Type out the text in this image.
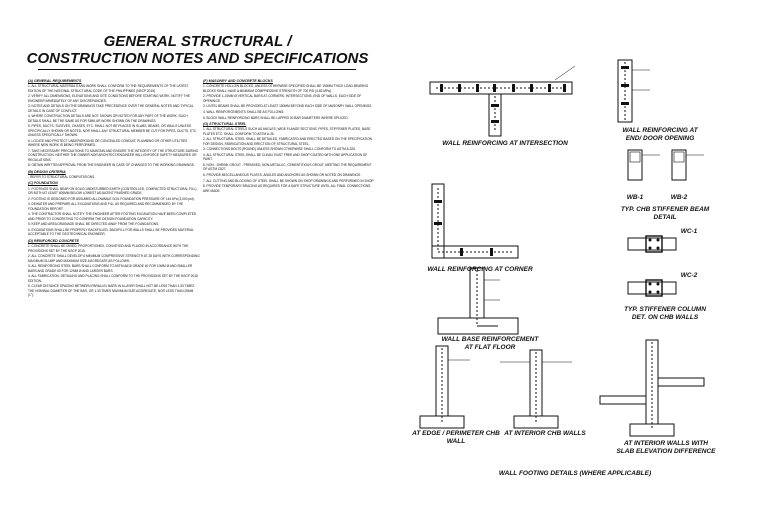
GENERAL STRUCTURAL /
CONSTRUCTION NOTES AND SPECIFICATIONS
(A) GENERAL REQUIREMENTS
1. ALL STRUCTURAL MATERIALS AND WORK SHALL CONFORM TO THE REQUIREMENTS OF THE LATEST EDITION OF THE NATIONAL STRUCTURAL CODE OF THE PHILIPPINES (NSCP 2015).
2. VERIFY ALL DIMENSIONS, ELEVATIONS AND SITE CONDITIONS BEFORE STARTING WORK. NOTIFY THE ENGINEER IMMEDIATELY OF ANY DISCREPANCIES.
3. NOTES AND DETAILS ON THE DRAWINGS TAKE PRECEDENCE OVER THE GENERAL NOTES AND TYPICAL DETAILS IN CASE OF CONFLICT.
4. WHERE CONSTRUCTION DETAILS ARE NOT SHOWN OR NOTED FOR ANY PART OF THE WORK, SUCH DETAILS SHALL BE THE SAME AS FOR SIMILAR WORK SHOWN ON THE DRAWINGS.
5. PIPES, DUCTS, SLEEVES, CHASES, ETC. SHALL NOT BE PLACED IN SLABS, BEAMS, OR WALLS UNLESS SPECIFICALLY SHOWN OR NOTED. NOR SHALL ANY STRUCTURAL MEMBER BE CUT FOR PIPES, DUCTS, ETC. UNLESS SPECIFICALLY SHOWN.
6. LOCATE AND PROTECT UNDERGROUND OR CONCEALED CONDUIT, PLUMBING OR OTHER UTILITIES WHERE NEW WORK IS BEING PERFORMED.
7. TAKE NECESSARY PRECAUTIONS TO MAINTAIN AND ENSURE THE INTEGRITY OF THE STRUCTURE DURING CONSTRUCTION. NEITHER THE OWNER NOR ARCHITECT/ENGINEER WILL ENFORCE SAFETY MEASURES OR REGULATIONS.
8. OBTAIN WRITTEN APPROVAL FROM THE ENGINEER IN CASE OF CHANGES TO THE WORKING DRAWINGS.
(B) DESIGN CRITERIA
- REFER TO STRUCTURAL COMPUTATIONS.
(C) FOUNDATION
1. FOOTINGS SHALL BEAR ON SOLID UNDISTURBED EARTH (CONTROLLED, COMPACTED STRUCTURAL FILL) OR BOTH AT LEAST 600MM BELOW LOWEST ADJACENT FINISHED GRADE.
2. FOOTING IS DESIGNED FOR ASSUMED ALLOWABLE SOIL FOUNDATION PRESSURE OF 144 kPa (3,000 psf).
3. DEWATER AND PREPARE ALL EXCAVATIONS AND FILL AS REQUIRED AND RECOMMENDED BY THE FOUNDATION REPORT.
4. THE CONTRACTOR SHALL NOTIFY THE ENGINEER AFTER FOOTING EXCAVATION HAVE BEEN COMPLETED AND PRIOR TO CONCRETING TO CONFIRM THE DESIGN FOUNDATION CAPACITY.
5. KEEP AND AREA DRAINAGE SHALL BE DIRECTED AWAY FROM THE FOUNDATIONS.
6. EXCAVATIONS SHALL BE PROPERLY BACKFILLED. BACKFILL FOR WALLS SHALL BE PROVIDED MATERIAL ACCEPTABLE TO THE GEOTECHNICAL ENGINEER.
(D) REINFORCED CONCRETE
1. CONCRETE SHALL BE MIXED, PROPORTIONED, CONVEYED AND PLACED IN ACCORDANCE WITH THE PROVISIONS SET BY THE NSCP 2015.
2. ALL CONCRETE SHALL DEVELOP A MINIMUM COMPRESSIVE STRENGTH AT 28 DAYS WITH CORRESPONDING MAXIMUM SLUMP AND MAXIMUM SIZE AGGREGATE AS FOLLOWS:
3. ALL REINFORCING STEEL BARS SHALL CONFORM TO ASTM A615 GRADE 40 FOR 10MM Ø AND SMALLER BARS AND GRADE 60 FOR 12MM Ø AND LARGER BARS.
4. ALL FABRICATION, DETAILING AND PLACING SHALL CONFORM TO THE PROVISIONS SET BY THE NSCP 2015 EDITION.
5. CLEAR DISTANCE SPACING BETWEEN PARALLEL BARS IN A LAYER SHALL NOT BE LESS THAN 1.33 TIMES THE NOMINAL DIAMETER OF THE BAR, OR 1.33 TIMES MAXIMUM SIZE AGGREGATE, NOR LESS THAN 25MM (1").
(F) MASONRY AND CONCRETE BLOCKS
1. CONCRETE HOLLOW BLOCKS, UNLESS OTHERWISE SPECIFIED SHALL BE 150MM THICK LOAD-BEARING BLOCKS SHALL HAVE A MINIMUM COMPRESSIVE STRENGTH OF 700 PSI (4.83 MPa).
2. PROVIDE 1-10MM Ø VERTICAL BARS AT CORNERS, INTERSECTIONS, END OF WALLS, EACH SIDE OF OPENINGS.
3. LINTEL BEAMS SHALL BE PROVIDED AT LEAST 150MM BEYOND EACH SIDE OF MASONRY WALL OPENINGS.
4. WALL REINFORCEMENTS SHALL BE AS FOLLOWS:
5. BLOCK WALL REINFORCING BARS SHALL BE LAPPED 30 BAR DIAMETERS WHERE SPLICED.
(G) STRUCTURAL STEEL
1. ALL STRUCTURAL STEELS SUCH AS ANGLES, WIDE FLANGE SECTIONS, PIPES, STIFFENER PLATES, BASE PLATES ETC. SHALL CONFORM TO ASTM A-36.
2. ALL STRUCTURAL STEEL SHALL BE DETAILED, FABRICATED AND ERECTED BASED ON THE SPECIFICATION FOR DESIGN, FABRICATION AND ERECTION OF STRUCTURAL STEEL.
3. CONNECTIONS BOLTS (ROUND) UNLESS SHOWN OTHERWISE SHALL CONFORM TO ASTM A-325.
4. ALL STRUCTURAL STEEL SHALL BE CLEAN, RUST FREE AND SHOP COATED WITH ONE APPLICATION OF PAINT.
5. NON - SHRINK GROUT - PREMIXED, NON-METALLIC, CEMENTITIOUS GROUT, MEETING THE REQUIREMENT OF ASTM C827.
6. PROVIDE MISCELLANEOUS PLATES, ANGLES AND ANCHORS AS SHOWN OR NOTED ON DRAWINGS.
7. ALL CUTTING AND BLOCKING OF STEEL SHALL BE SHOWN ON SHOP DRAWINGS AND PERFORMED IN SHOP.
8. PROVIDE TEMPORARY BRACING AS REQUIRED FOR A SAFE STRUCTURE UNTIL ALL FINAL CONNECTIONS ARE MADE.
WALL REINFORCING AT INTERSECTION
WALL REINFORCING AT
END/ DOOR OPENING
WALL REINFORCING AT CORNER
WB-1	WB-2
TYP. CHB STIFFENER BEAM
DETAIL
WC-1
WC-2
TYP. STIFFENER COLUMN
DET. ON CHB WALLS
WALL BASE REINFORCEMENT
AT EDGE / PERIMETER CHB WALL
AT INTERIOR CHB WALLS
AT INTERIOR WALLS WITH
SLAB ELEVATION DIFFERENCE
WALL FOOTING DETAILS (WHERE APPLICABLE)
AT FLAT FLOOR
